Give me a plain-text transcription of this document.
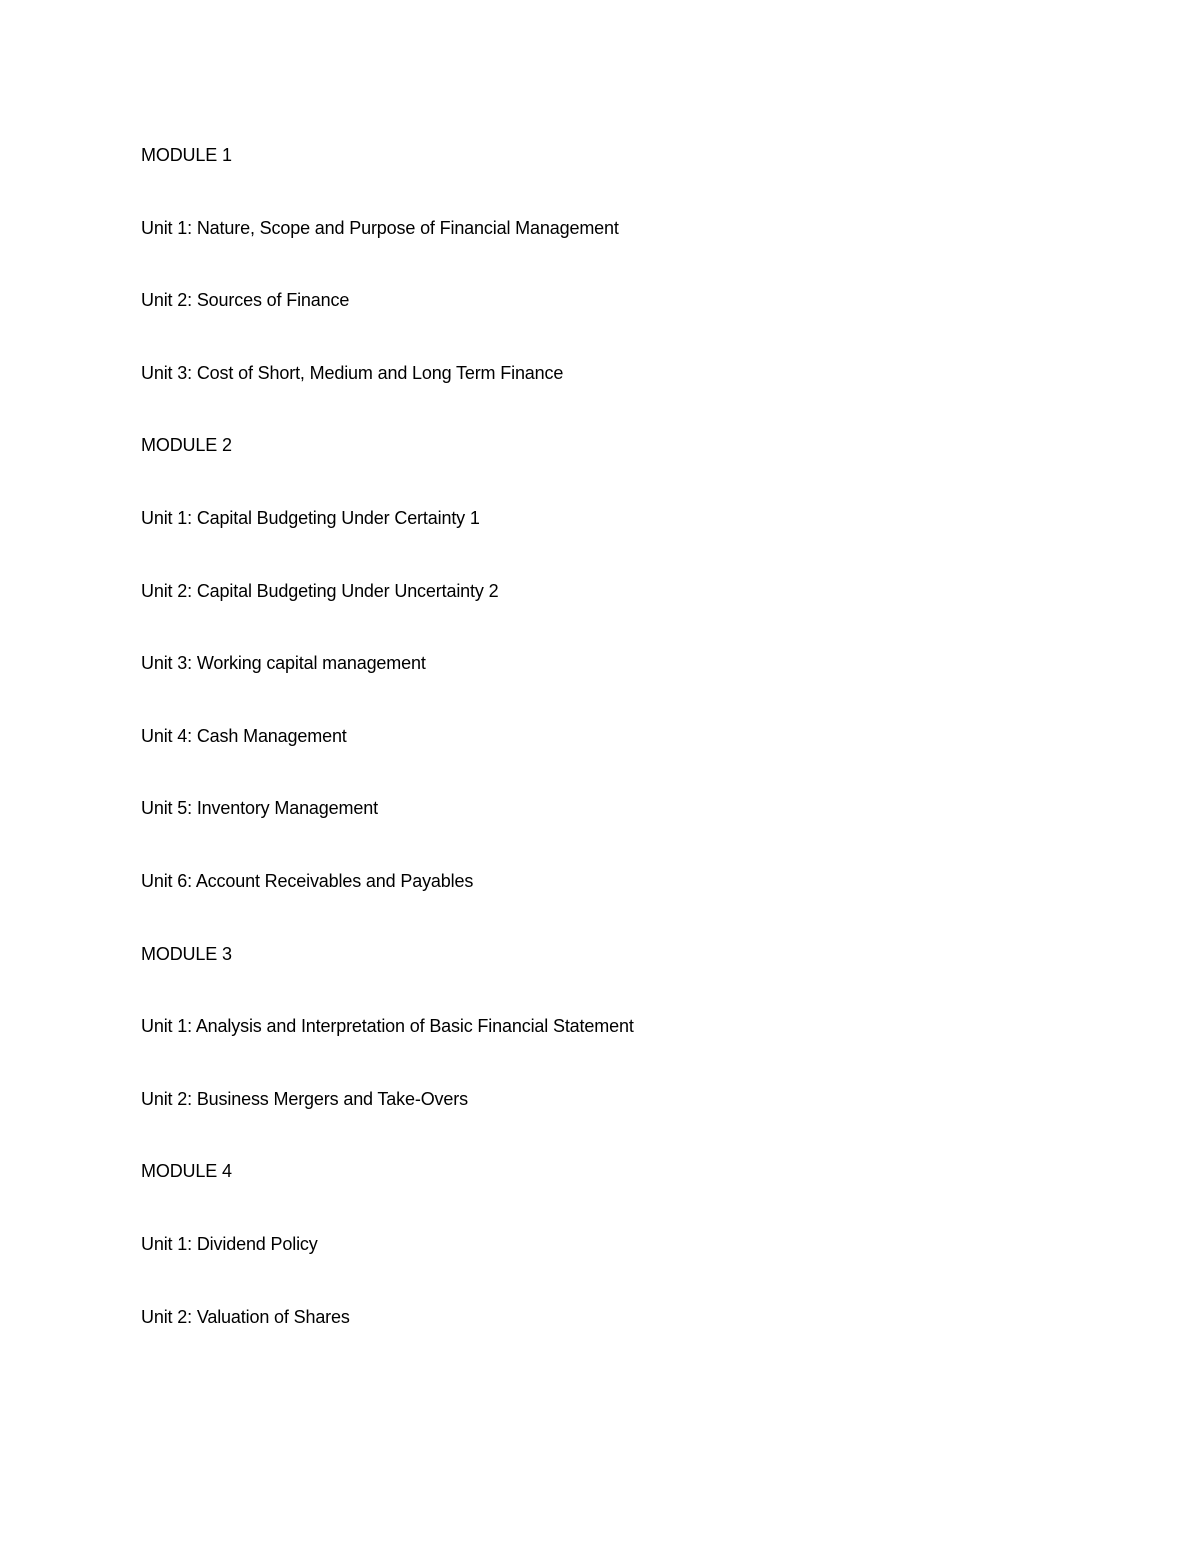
MODULE 1
Unit 1: Nature, Scope and Purpose of Financial Management
Unit 2: Sources of Finance
Unit 3: Cost of Short, Medium and Long Term Finance
MODULE 2
Unit 1: Capital Budgeting Under Certainty 1
Unit 2: Capital Budgeting Under Uncertainty 2
Unit 3: Working capital management
Unit 4: Cash Management
Unit 5: Inventory Management
Unit 6: Account Receivables and Payables
MODULE 3
Unit 1: Analysis and Interpretation of Basic Financial Statement
Unit 2: Business Mergers and Take-Overs
MODULE 4
Unit 1: Dividend Policy
Unit 2: Valuation of Shares
